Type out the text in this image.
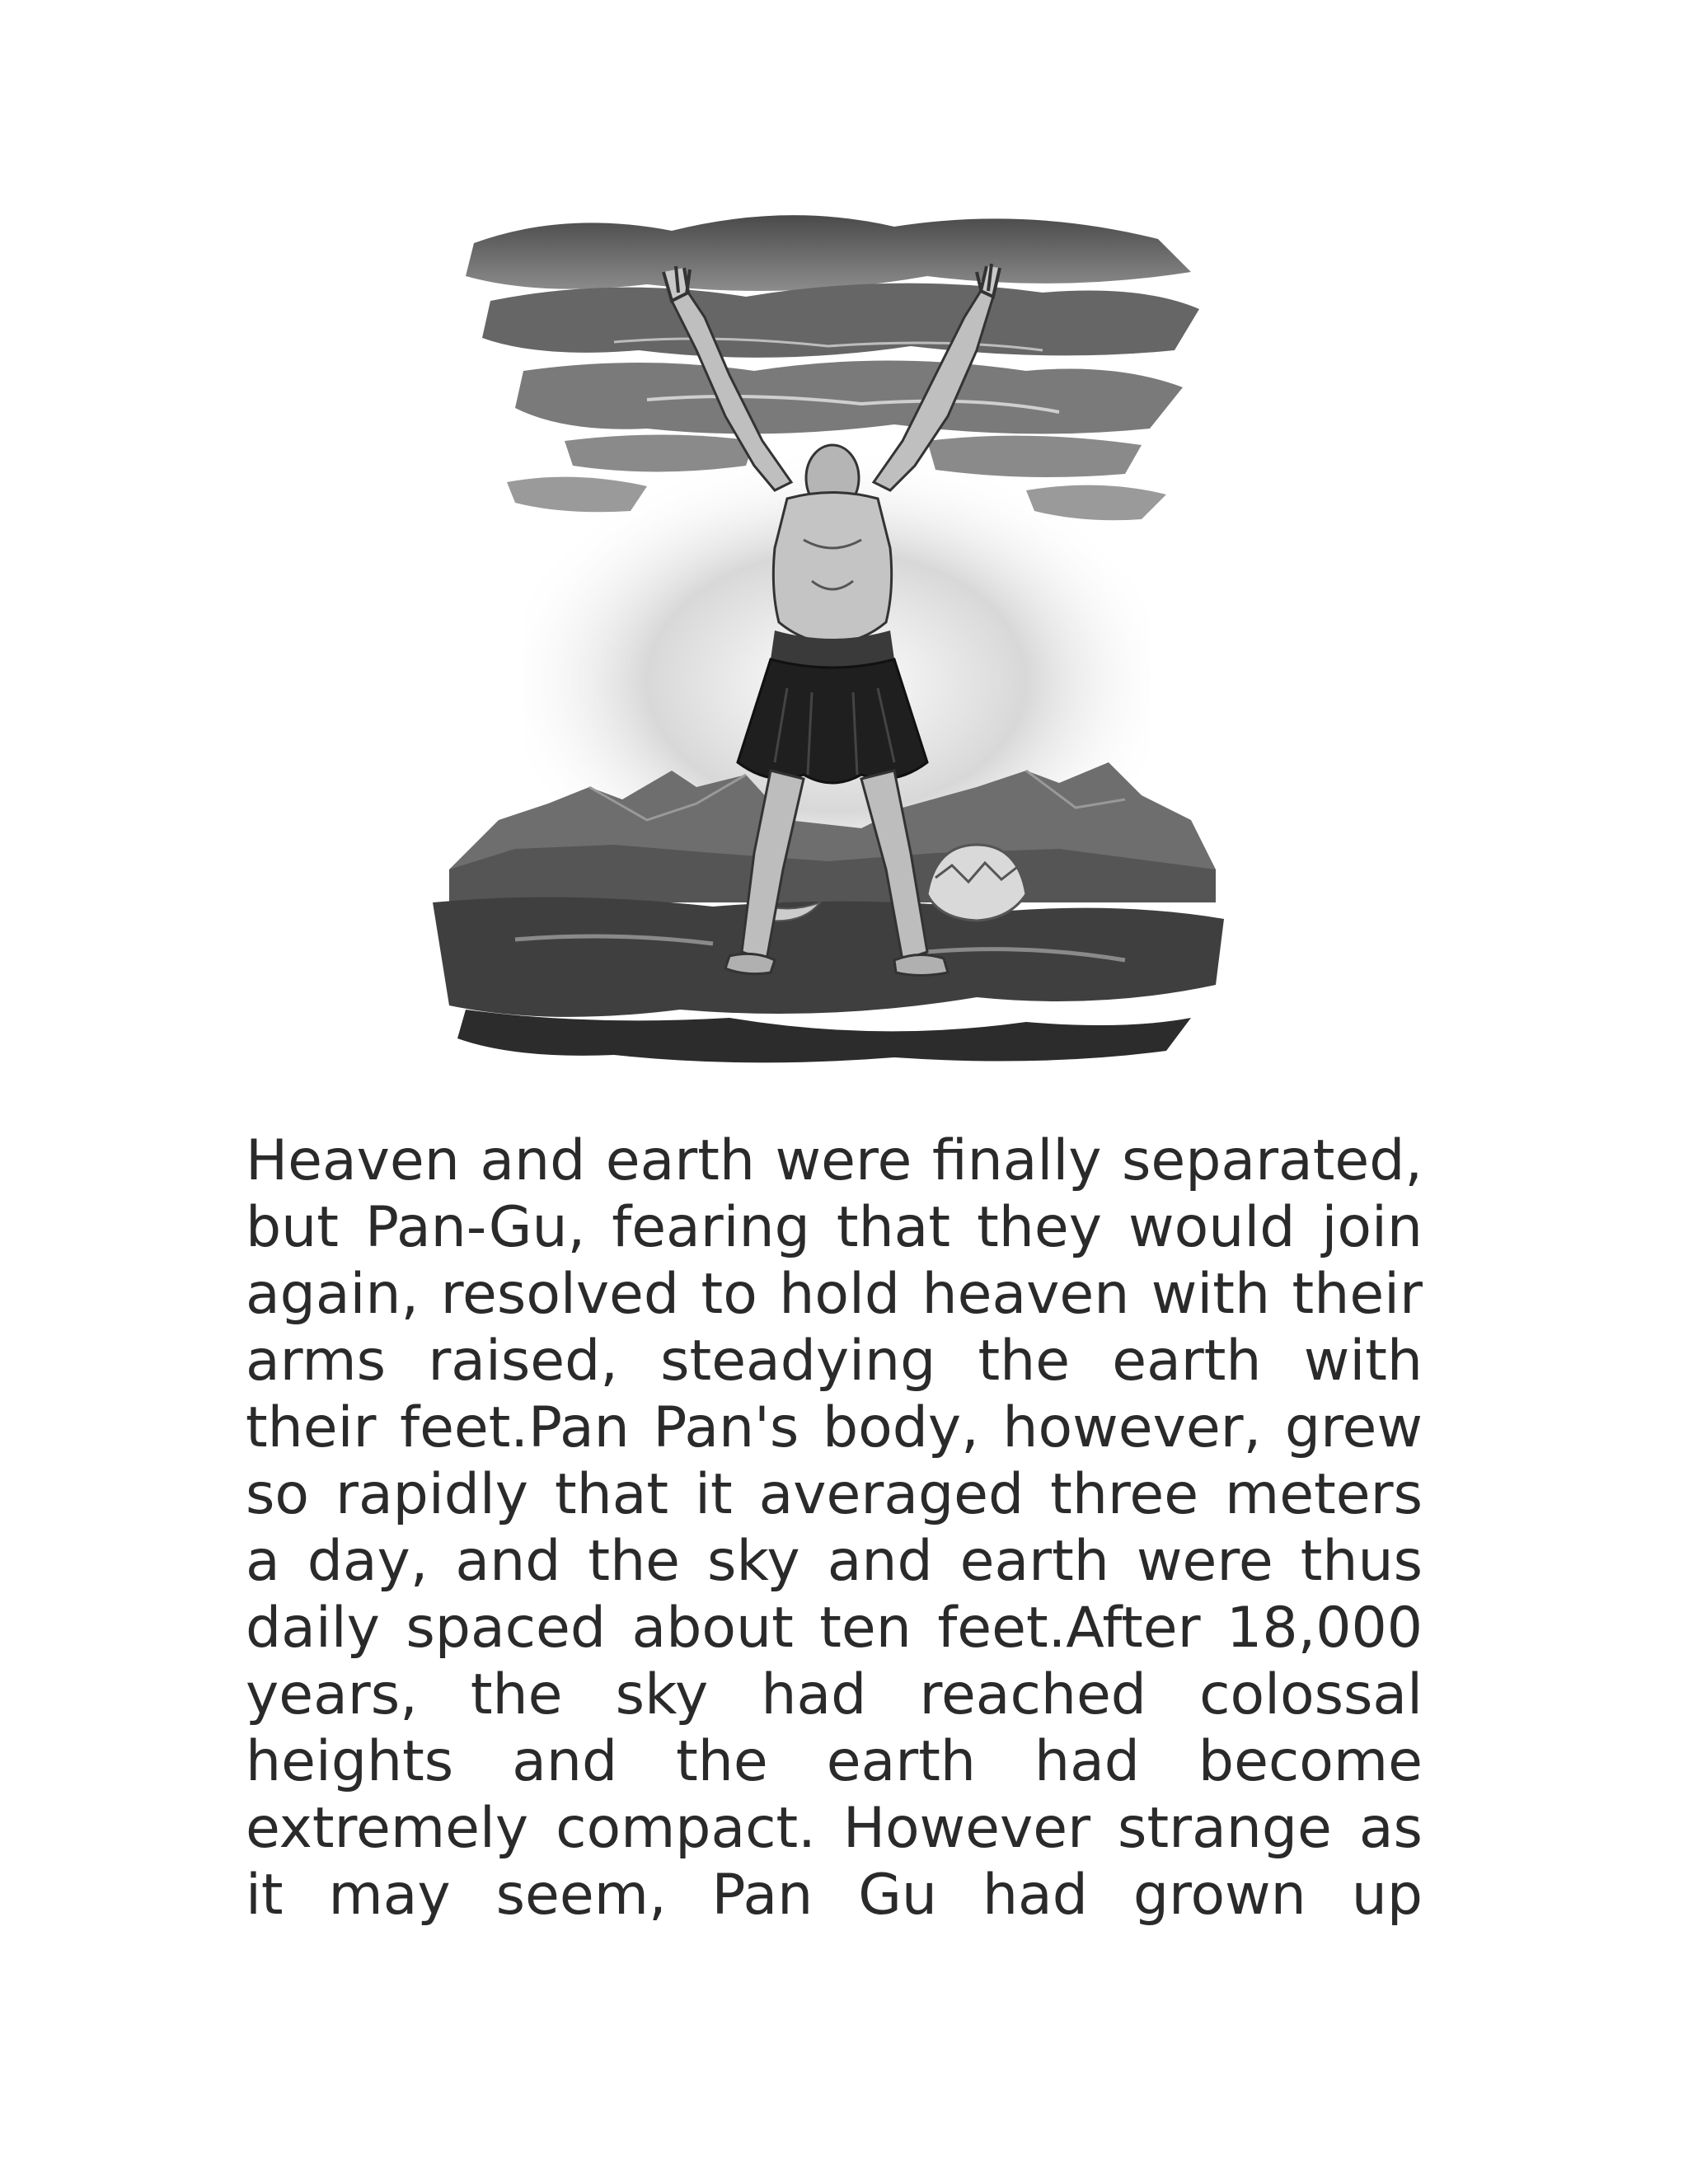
Heaven and earth were finally separated, but Pan-Gu, fearing that they would join again, resolved to hold heaven with their arms raised, steadying the earth with their feet.Pan Pan's body, however, grew so rapidly that it averaged three meters a day, and the sky and earth were thus daily spaced about ten feet.After 18,000 years, the sky had reached colossal heights and the earth had become extremely compact. However strange as it may seem, Pan Gu had grown up
